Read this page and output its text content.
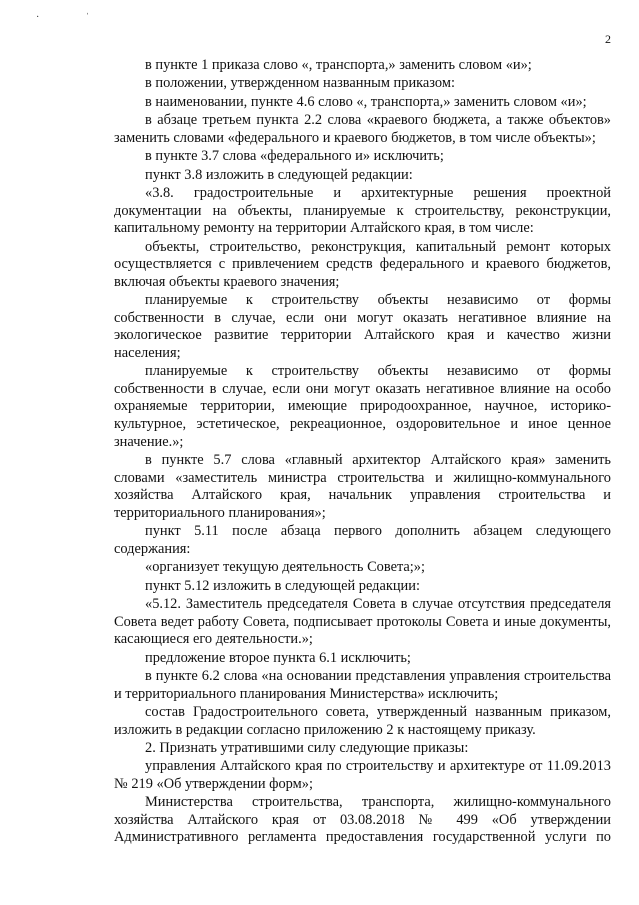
· ˈ
2

в пункте 1 приказа слово «, транспорта,» заменить словом «и»;

в положении, утвержденном названным приказом:

в наименовании, пункте 4.6 слово «, транспорта,» заменить словом «и»;

в абзаце третьем пункта 2.2 слова «краевого бюджета, а также объектов» заменить словами «федерального и краевого бюджетов, в том числе объекты»;

в пункте 3.7 слова «федерального и» исключить;

пункт 3.8 изложить в следующей редакции:

«3.8. градостроительные и архитектурные решения проектной документации на объекты, планируемые к строительству, реконструкции, капитальному ремонту на территории Алтайского края, в том числе:

объекты, строительство, реконструкция, капитальный ремонт которых осуществляется с привлечением средств федерального и краевого бюджетов, включая объекты краевого значения;

планируемые к строительству объекты независимо от формы собственности в случае, если они могут оказать негативное влияние на экологическое развитие территории Алтайского края и качество жизни населения;

планируемые к строительству объекты независимо от формы собственности в случае, если они могут оказать негативное влияние на особо охраняемые территории, имеющие природоохранное, научное, историко-культурное, эстетическое, рекреационное, оздоровительное и иное ценное значение.»;

в пункте 5.7 слова «главный архитектор Алтайского края» заменить словами «заместитель министра строительства и жилищно-коммунального хозяйства Алтайского края, начальник управления строительства и территориального планирования»;

пункт 5.11 после абзаца первого дополнить абзацем следующего содержания:

«организует текущую деятельность Совета;»;

пункт 5.12 изложить в следующей редакции:

«5.12. Заместитель председателя Совета в случае отсутствия председателя Совета ведет работу Совета, подписывает протоколы Совета и иные документы, касающиеся его деятельности.»;

предложение второе пункта 6.1 исключить;

в пункте 6.2 слова «на основании представления управления строительства и территориального планирования Министерства» исключить;

состав Градостроительного совета, утвержденный названным приказом, изложить в редакции согласно приложению 2 к настоящему приказу.

2. Признать утратившими силу следующие приказы:

управления Алтайского края по строительству и архитектуре от 11.09.2013 № 219 «Об утверждении форм»;

Министерства строительства, транспорта, жилищно-коммунального хозяйства Алтайского края от 03.08.2018 № 499 «Об утверждении Административного регламента предоставления государственной услуги по
